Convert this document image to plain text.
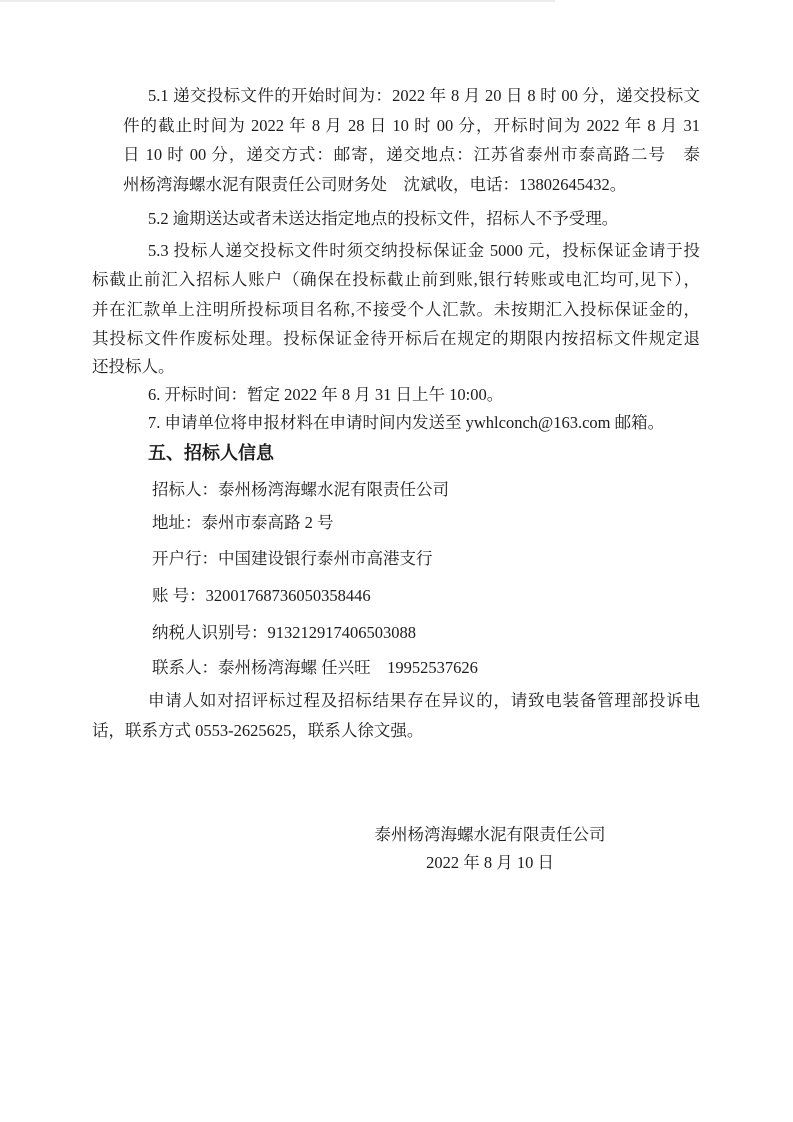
5.1 递交投标文件的开始时间为：2022 年 8 月 20 日 8 时 00 分，递交投标文
件的截止时间为 2022 年 8 月 28 日 10 时 00 分，开标时间为 2022 年 8 月 31
日 10 时 00 分，递交方式：邮寄，递交地点：江苏省泰州市泰高路二号　泰
州杨湾海螺水泥有限责任公司财务处　沈斌收，电话：13802645432。
5.2 逾期送达或者未送达指定地点的投标文件，招标人不予受理。
5.3 投标人递交投标文件时须交纳投标保证金 5000 元，投标保证金请于投
标截止前汇入招标人账户（确保在投标截止前到账,银行转账或电汇均可,见下），
并在汇款单上注明所投标项目名称,不接受个人汇款。未按期汇入投标保证金的，
其投标文件作废标处理。投标保证金待开标后在规定的期限内按招标文件规定退
还投标人。
6. 开标时间：暂定 2022 年 8 月 31 日上午 10:00。
7. 申请单位将申报材料在申请时间内发送至 ywhlconch@163.com 邮箱。
五、招标人信息
招标人：泰州杨湾海螺水泥有限责任公司
地址：泰州市泰高路 2 号
开户行：中国建设银行泰州市高港支行
账 号：32001768736050358446
纳税人识别号：913212917406503088
联系人：泰州杨湾海螺 任兴旺　19952537626
申请人如对招评标过程及招标结果存在异议的，请致电装备管理部投诉电
话，联系方式 0553-2625625，联系人徐文强。
泰州杨湾海螺水泥有限责任公司
2022 年 8 月 10 日
